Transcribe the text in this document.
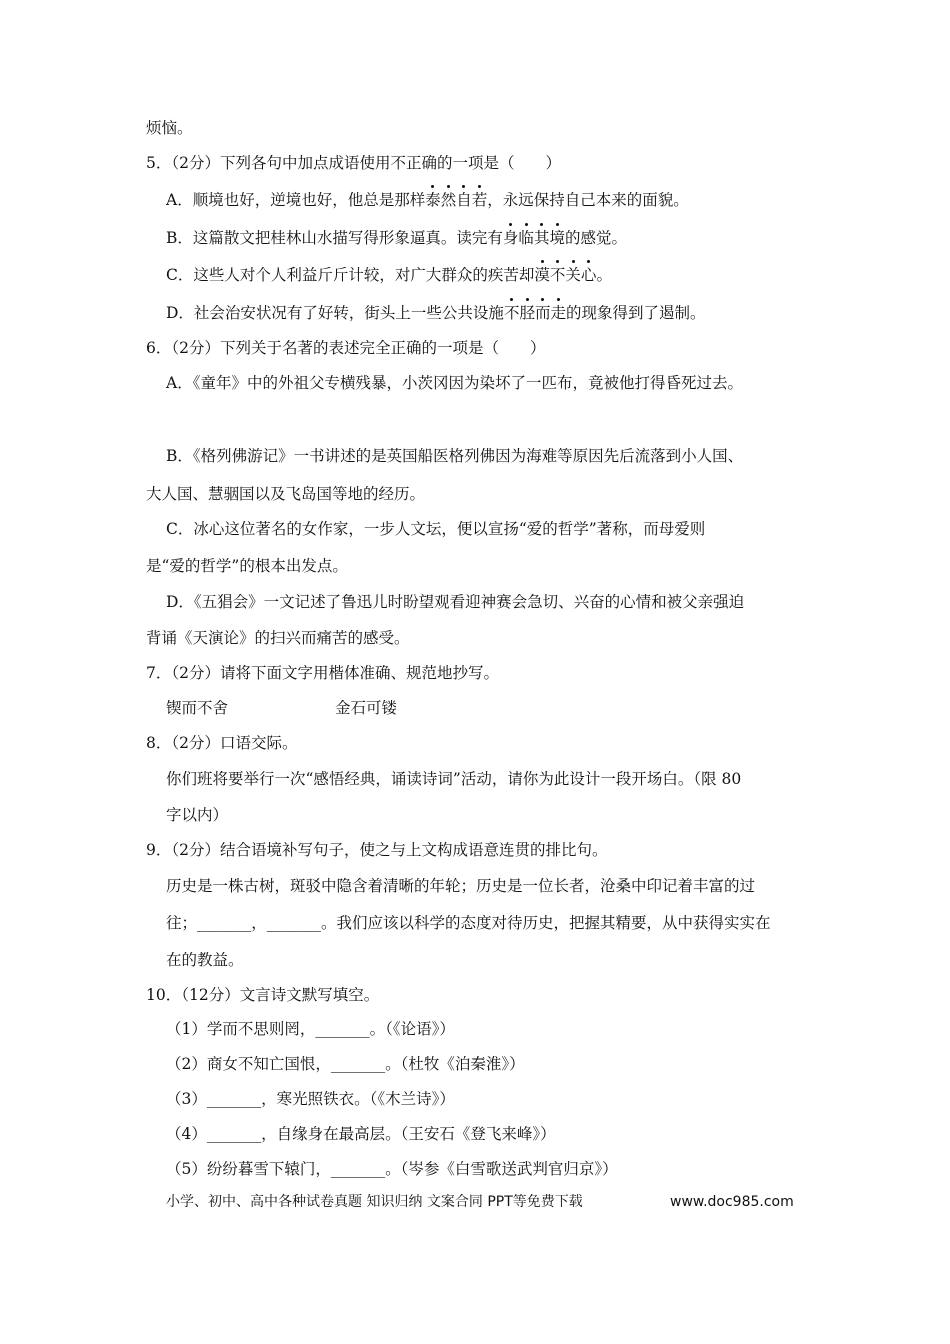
烦恼。
5．（2分）下列各句中加点成语使用不正确的一项是（　　）
A．顺境也好，逆境也好，他总是那样泰然自若，永远保持自己本来的面貌。
B．这篇散文把桂林山水描写得形象逼真。读完有身临其境的感觉。
C．这些人对个人利益斤斤计较，对广大群众的疾苦却漠不关心。
D．社会治安状况有了好转，街头上一些公共设施不胫而走的现象得到了遏制。
6．（2分）下列关于名著的表述完全正确的一项是（　　）
A．《童年》中的外祖父专横残暴，小茨冈因为染坏了一匹布，竟被他打得昏死过去。
B．《格列佛游记》一书讲述的是英国船医格列佛因为海难等原因先后流落到小人国、
大人国、慧骃国以及飞岛国等地的经历。
C．冰心这位著名的女作家，一步人文坛，便以宣扬“爱的哲学”著称，而母爱则
是“爱的哲学”的根本出发点。
D．《五猖会》一文记述了鲁迅儿时盼望观看迎神赛会急切、兴奋的心情和被父亲强迫
背诵《天演论》的扫兴而痛苦的感受。
7．（2分）请将下面文字用楷体准确、规范地抄写。
锲而不舍	金石可镂
8．（2分）口语交际。
你们班将要举行一次“感悟经典，诵读诗词”活动，请你为此设计一段开场白。（限 80
字以内）
9．（2分）结合语境补写句子，使之与上文构成语意连贯的排比句。
历史是一株古树，斑驳中隐含着清晰的年轮；历史是一位长者，沧桑中印记着丰富的过
往；_______，_______。我们应该以科学的态度对待历史，把握其精要，从中获得实实在
在的教益。
10．（12分）文言诗文默写填空。
（1）学而不思则罔，_______。（《论语》）
（2）商女不知亡国恨，_______。（杜牧《泊秦淮》）
（3）_______，寒光照铁衣。（《木兰诗》）
（4）_______，自缘身在最高层。（王安石《登飞来峰》）
（5）纷纷暮雪下辕门，_______。（岑参《白雪歌送武判官归京》）
小学、初中、高中各种试卷真题 知识归纳 文案合同 PPT等免费下载	www.doc985.com
